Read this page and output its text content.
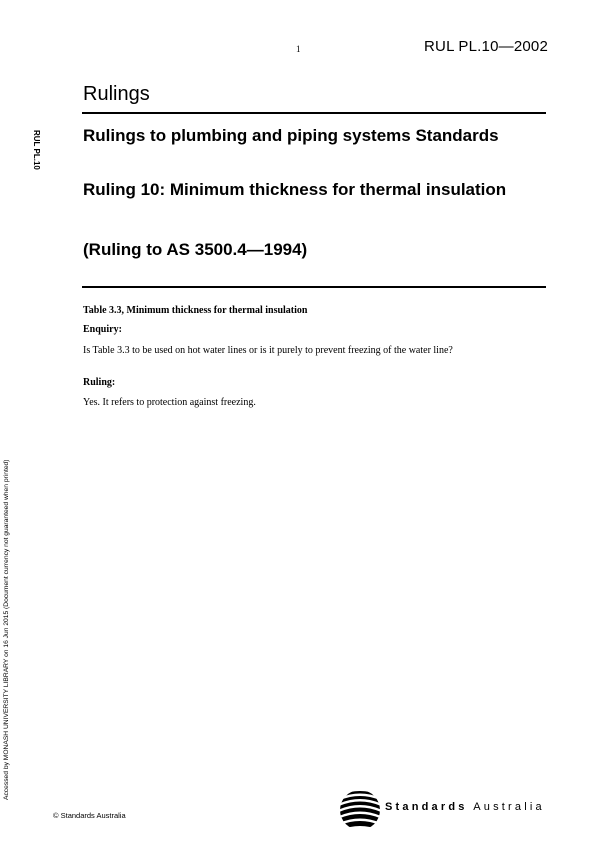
1	RUL PL.10—2002
Rulings
RUL PL.10 Rulings to plumbing and piping systems Standards
Ruling 10: Minimum thickness for thermal insulation
(Ruling to AS 3500.4—1994)
Table 3.3, Minimum thickness for thermal insulation
Enquiry:
Is Table 3.3 to be used on hot water lines or is it purely to prevent freezing of the water line?
Ruling:
Yes. It refers to protection against freezing.
Accessed by MONASH UNIVERSITY LIBRARY on 16 Jun 2015 (Document currency not guaranteed when printed)
© Standards Australia
Standards Australia
